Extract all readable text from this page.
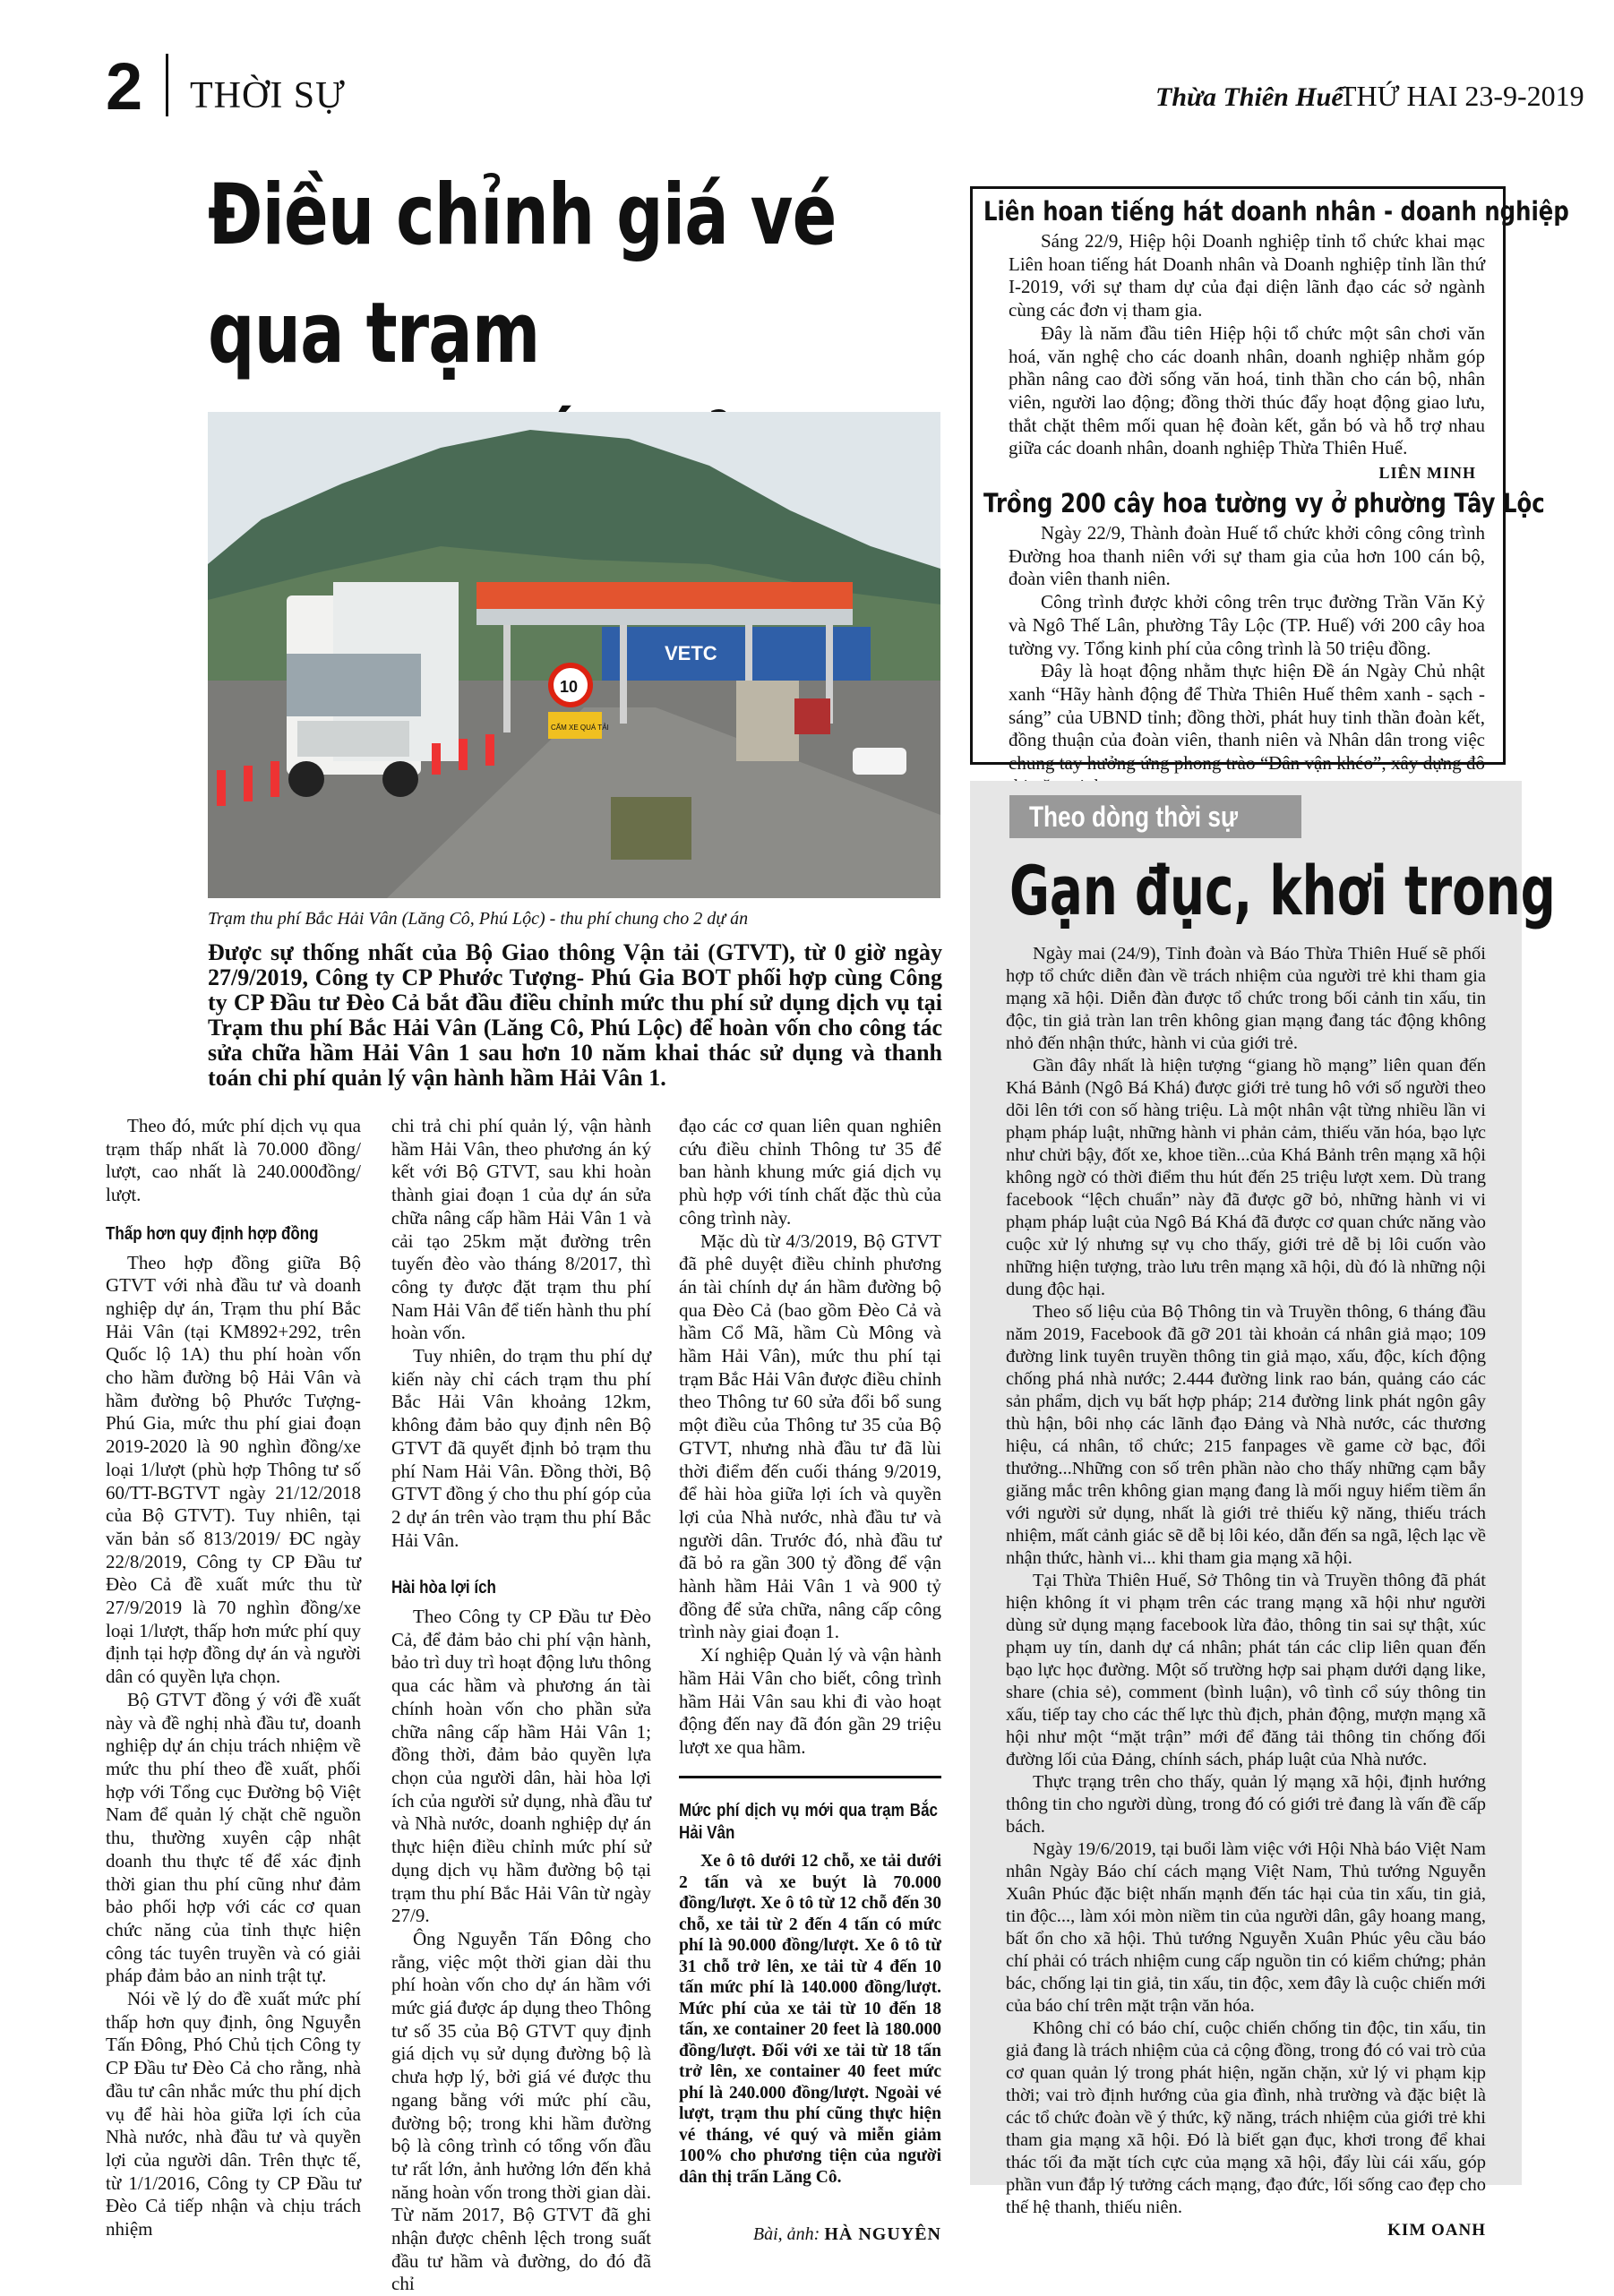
2 THỜI SỰ	Thừa Thiên Huế
THỨ HAI 23-9-2019
Điều chỉnh giá vé qua trạm
VETC
10
CẤM XE QUÁ TẢI
Trạm thu phí Bắc Hải Vân (Lăng Cô, Phú Lộc) - thu phí chung cho 2 dự án
Được sự thống nhất của Bộ Giao thông Vận tải (GTVT), từ 0 giờ ngày 27/9/2019, Công ty CP Phước Tượng- Phú Gia BOT phối hợp cùng Công ty CP Đầu tư Đèo Cả bắt đầu điều chỉnh mức thu phí sử dụng dịch vụ tại Trạm thu phí Bắc Hải Vân (Lăng Cô, Phú Lộc) để hoàn vốn cho công tác sửa chữa hầm Hải Vân 1 sau hơn 10 năm khai thác sử dụng và thanh toán chi phí quản lý vận hành hầm Hải Vân 1.

Theo đó, mức phí dịch vụ qua trạm thấp nhất là 70.000 đồng/ lượt, cao nhất là 240.000đồng/ lượt.

Thấp hơn quy định hợp đồng

Theo hợp đồng giữa Bộ GTVT với nhà đầu tư và doanh nghiệp dự án, Trạm thu phí Bắc Hải Vân (tại KM892+292, trên Quốc lộ 1A) thu phí hoàn vốn cho hầm đường bộ Hải Vân và hầm đường bộ Phước Tượng- Phú Gia, mức thu phí giai đoạn 2019-2020 là 90 nghìn đồng/xe loại 1/lượt (phù hợp Thông tư số 60/TT-BGTVT ngày 21/12/2018 của Bộ GTVT). Tuy nhiên, tại văn bản số 813/2019/ ĐC ngày 22/8/2019, Công ty CP Đầu tư Đèo Cả đề xuất mức thu từ 27/9/2019 là 70 nghìn đồng/xe loại 1/lượt, thấp hơn mức phí quy định tại hợp đồng dự án và người dân có quyền lựa chọn.

Bộ GTVT đồng ý với đề xuất này và đề nghị nhà đầu tư, doanh nghiệp dự án chịu trách nhiệm về mức thu phí theo đề xuất, phối hợp với Tổng cục Đường bộ Việt Nam để quản lý chặt chẽ nguồn thu, thường xuyên cập nhật doanh thu thực tế để xác định thời gian thu phí cũng như đảm bảo phối hợp với các cơ quan chức năng của tỉnh thực hiện công tác tuyên truyền và có giải pháp đảm bảo an ninh trật tự.

Nói về lý do đề xuất mức phí thấp hơn quy định, ông Nguyễn Tấn Đông, Phó Chủ tịch Công ty CP Đầu tư Đèo Cả cho rằng, nhà đầu tư cân nhắc mức thu phí dịch vụ để hài hòa giữa lợi ích của Nhà nước, nhà đầu tư và quyền lợi của người dân. Trên thực tế, từ 1/1/2016, Công ty CP Đầu tư Đèo Cả tiếp nhận và chịu trách nhiệm

chi trả chi phí quản lý, vận hành hầm Hải Vân, theo phương án ký kết với Bộ GTVT, sau khi hoàn thành giai đoạn 1 của dự án sửa chữa nâng cấp hầm Hải Vân 1 và cải tạo 25km mặt đường trên tuyến đèo vào tháng 8/2017, thì công ty được đặt trạm thu phí Nam Hải Vân để tiến hành thu phí hoàn vốn.

Tuy nhiên, do trạm thu phí dự kiến này chỉ cách trạm thu phí Bắc Hải Vân khoảng 12km, không đảm bảo quy định nên Bộ GTVT đã quyết định bỏ trạm thu phí Nam Hải Vân. Đồng thời, Bộ GTVT đồng ý cho thu phí góp của 2 dự án trên vào trạm thu phí Bắc Hải Vân.

Hài hòa lợi ích

Theo Công ty CP Đầu tư Đèo Cả, để đảm bảo chi phí vận hành, bảo trì duy trì hoạt động lưu thông qua các hầm và phương án tài chính hoàn vốn cho phần sửa chữa nâng cấp hầm Hải Vân 1; đồng thời, đảm bảo quyền lựa chọn của người dân, hài hòa lợi ích của người sử dụng, nhà đầu tư và Nhà nước, doanh nghiệp dự án thực hiện điều chỉnh mức phí sử dụng dịch vụ hầm đường bộ tại trạm thu phí Bắc Hải Vân từ ngày 27/9.

Ông Nguyễn Tấn Đông cho rằng, việc một thời gian dài thu phí hoàn vốn cho dự án hầm với mức giá được áp dụng theo Thông tư số 35 của Bộ GTVT quy định giá dịch vụ sử dụng đường bộ là chưa hợp lý, bởi giá vé được thu ngang bằng với mức phí cầu, đường bộ; trong khi hầm đường bộ là công trình có tổng vốn đầu tư rất lớn, ảnh hưởng lớn đến khả năng hoàn vốn trong thời gian dài. Từ năm 2017, Bộ GTVT đã ghi nhận được chênh lệch trong suất đầu tư hầm và đường, do đó đã chỉ

đạo các cơ quan liên quan nghiên cứu điều chỉnh Thông tư 35 để ban hành khung mức giá dịch vụ phù hợp với tính chất đặc thù của công trình này.

Mặc dù từ 4/3/2019, Bộ GTVT đã phê duyệt điều chỉnh phương án tài chính dự án hầm đường bộ qua Đèo Cả (bao gồm Đèo Cả và hầm Cổ Mã, hầm Cù Mông và hầm Hải Vân), mức thu phí tại trạm Bắc Hải Vân được điều chỉnh theo Thông tư 60 sửa đổi bổ sung một điều của Thông tư 35 của Bộ GTVT, nhưng nhà đầu tư đã lùi thời điểm đến cuối tháng 9/2019, để hài hòa giữa lợi ích và quyền lợi của Nhà nước, nhà đầu tư và người dân. Trước đó, nhà đầu tư đã bỏ ra gần 300 tỷ đồng để vận hành hầm Hải Vân 1 và 900 tỷ đồng để sửa chữa, nâng cấp công trình này giai đoạn 1.

Xí nghiệp Quản lý và vận hành hầm Hải Vân cho biết, công trình hầm Hải Vân sau khi đi vào hoạt động đến nay đã đón gần 29 triệu lượt xe qua hầm.

Mức phí dịch vụ mới qua trạm Bắc Hải Vân

Xe ô tô dưới 12 chỗ, xe tải dưới 2 tấn và xe buýt là 70.000 đồng/lượt. Xe ô tô từ 12 chỗ đến 30 chỗ, xe tải từ 2 đến 4 tấn có mức phí là 90.000 đồng/lượt. Xe ô tô từ 31 chỗ trở lên, xe tải từ 4 đến 10 tấn mức phí là 140.000 đồng/lượt. Mức phí của xe tải từ 10 đến 18 tấn, xe container 20 feet là 180.000 đồng/lượt. Đối với xe tải từ 18 tấn trở lên, xe container 40 feet mức phí là 240.000 đồng/lượt. Ngoài vé lượt, trạm thu phí cũng thực hiện vé tháng, vé quý và miễn giảm 100% cho phương tiện của người dân thị trấn Lăng Cô.

Bài, ảnh: HÀ NGUYÊN
Liên hoan tiếng hát doanh nhân - doanh nghiệp

Sáng 22/9, Hiệp hội Doanh nghiệp tỉnh tổ chức khai mạc Liên hoan tiếng hát Doanh nhân và Doanh nghiệp tỉnh lần thứ I-2019, với sự tham dự của đại diện lãnh đạo các sở ngành cùng các đơn vị tham gia.

Đây là năm đầu tiên Hiệp hội tổ chức một sân chơi văn hoá, văn nghệ cho các doanh nhân, doanh nghiệp nhằm góp phần nâng cao đời sống văn hoá, tinh thần cho cán bộ, nhân viên, người lao động; đồng thời thúc đẩy hoạt động giao lưu, thắt chặt thêm mối quan hệ đoàn kết, gắn bó và hỗ trợ nhau giữa các doanh nhân, doanh nghiệp Thừa Thiên Huế.

LIÊN MINH
Trồng 200 cây hoa tường vy ở phường Tây Lộc

Ngày 22/9, Thành đoàn Huế tổ chức khởi công công trình Đường hoa thanh niên với sự tham gia của hơn 100 cán bộ, đoàn viên thanh niên.

Công trình được khởi công trên trục đường Trần Văn Kỷ và Ngô Thế Lân, phường Tây Lộc (TP. Huế) với 200 cây hoa tường vy. Tổng kinh phí của công trình là 50 triệu đồng.

Đây là hoạt động nhằm thực hiện Đề án Ngày Chủ nhật xanh “Hãy hành động để Thừa Thiên Huế thêm xanh - sạch - sáng” của UBND tỉnh; đồng thời, phát huy tinh thần đoàn kết, đồng thuận của đoàn viên, thanh niên và Nhân dân trong việc chung tay hưởng ứng phong trào “Dân vận khéo”, xây dựng đô

Theo dòng thời sự
Gạn đục, khơi trong

Ngày mai (24/9), Tỉnh đoàn và Báo Thừa Thiên Huế sẽ phối hợp tổ chức diễn đàn về trách nhiệm của người trẻ khi tham gia mạng xã hội. Diễn đàn được tổ chức trong bối cảnh tin xấu, tin độc, tin giả tràn lan trên không gian mạng đang tác động không nhỏ đến nhận thức, hành vi của giới trẻ.

Gần đây nhất là hiện tượng “giang hồ mạng” liên quan đến Khá Bảnh (Ngô Bá Khá) được giới trẻ tung hô với số người theo dõi lên tới con số hàng triệu. Là một nhân vật từng nhiều lần vi phạm pháp luật, những hành vi phản cảm, thiếu văn hóa, bạo lực như chửi bậy, đốt xe, khoe tiền...của Khá Bảnh trên mạng xã hội không ngờ có thời điểm thu hút đến 25 triệu lượt xem. Dù trang facebook “lệch chuẩn” này đã được gỡ bỏ, những hành vi vi phạm pháp luật của Ngô Bá Khá đã được cơ quan chức năng vào cuộc xử lý nhưng sự vụ cho thấy, giới trẻ dễ bị lôi cuốn vào những hiện tượng, trào lưu trên mạng xã hội, dù đó là những nội dung độc hại.

Theo số liệu của Bộ Thông tin và Truyền thông, 6 tháng đầu năm 2019, Facebook đã gỡ 201 tài khoản cá nhân giả mạo; 109 đường link tuyên truyền thông tin giả mạo, xấu, độc, kích động chống phá nhà nước; 2.444 đường link rao bán, quảng cáo các sản phẩm, dịch vụ bất hợp pháp; 214 đường link phát ngôn gây thù hận, bôi nhọ các lãnh đạo Đảng và Nhà nước, các thương hiệu, cá nhân, tổ chức; 215 fanpages về game cờ bạc, đổi thưởng...Những con số trên phần nào cho thấy những cạm bẫy giăng mắc trên không gian mạng đang là mối nguy hiểm tiềm ẩn với người sử dụng, nhất là giới trẻ thiếu kỹ năng, thiếu trách nhiệm, mất cảnh giác sẽ dễ bị lôi kéo, dẫn đến sa ngã, lệch lạc về nhận thức, hành vi... khi tham gia mạng xã hội.

Tại Thừa Thiên Huế, Sở Thông tin và Truyền thông đã phát hiện không ít vi phạm trên các trang mạng xã hội như người dùng sử dụng mạng facebook lừa đảo, thông tin sai sự thật, xúc phạm uy tín, danh dự cá nhân; phát tán các clip liên quan đến bạo lực học đường. Một số trường hợp sai phạm dưới dạng like, share (chia sẻ), comment (bình luận), vô tình cổ súy thông tin xấu, tiếp tay cho các thế lực thù địch, phản động, mượn mạng xã hội như một “mặt trận” mới để đăng tải thông tin chống đối đường lối của Đảng, chính sách, pháp luật của Nhà nước.

Thực trạng trên cho thấy, quản lý mạng xã hội, định hướng thông tin cho người dùng, trong đó có giới trẻ đang là vấn đề cấp bách.

Ngày 19/6/2019, tại buổi làm việc với Hội Nhà báo Việt Nam nhân Ngày Báo chí cách mạng Việt Nam, Thủ tướng Nguyễn Xuân Phúc đặc biệt nhấn mạnh đến tác hại của tin xấu, tin giả, tin độc..., làm xói mòn niềm tin của người dân, gây hoang mang, bất ổn cho xã hội. Thủ tướng Nguyễn Xuân Phúc yêu cầu báo chí phải có trách nhiệm cung cấp nguồn tin có kiểm chứng; phản bác, chống lại tin giả, tin xấu, tin độc, xem đây là cuộc chiến mới của báo chí trên mặt trận văn hóa.

Không chỉ có báo chí, cuộc chiến chống tin độc, tin xấu, tin giả đang là trách nhiệm của cả cộng đồng, trong đó có vai trò của cơ quan quản lý trong phát hiện, ngăn chặn, xử lý vi phạm kịp thời; vai trò định hướng của gia đình, nhà trường và đặc biệt là các tổ chức đoàn về ý thức, kỹ năng, trách nhiệm của giới trẻ khi tham gia mạng xã hội. Đó là biết gạn đục, khơi trong để khai thác tối đa mặt tích cực của mạng xã hội, đẩy lùi cái xấu, góp phần vun đắp lý tưởng cách mạng, đạo đức, lối sống cao đẹp cho thế hệ thanh, thiếu niên.

KIM OANH
